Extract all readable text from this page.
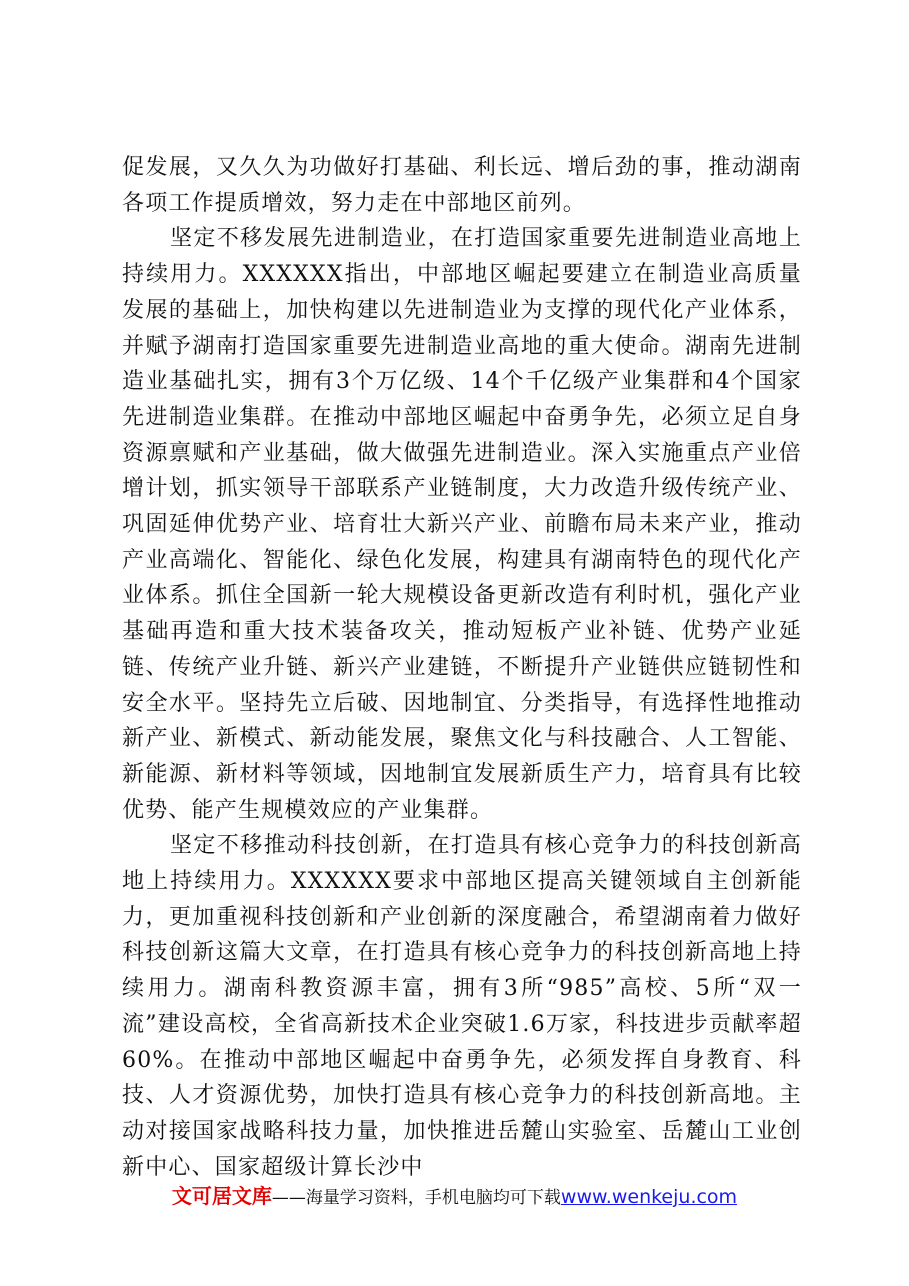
促发展，又久久为功做好打基础、利长远、增后劲的事，推动湖南各项工作提质增效，努力走在中部地区前列。

坚定不移发展先进制造业，在打造国家重要先进制造业高地上持续用力。XXXXXX指出，中部地区崛起要建立在制造业高质量发展的基础上，加快构建以先进制造业为支撑的现代化产业体系，并赋予湖南打造国家重要先进制造业高地的重大使命。湖南先进制造业基础扎实，拥有3个万亿级、14个千亿级产业集群和4个国家先进制造业集群。在推动中部地区崛起中奋勇争先，必须立足自身资源禀赋和产业基础，做大做强先进制造业。深入实施重点产业倍增计划，抓实领导干部联系产业链制度，大力改造升级传统产业、巩固延伸优势产业、培育壮大新兴产业、前瞻布局未来产业，推动产业高端化、智能化、绿色化发展，构建具有湖南特色的现代化产业体系。抓住全国新一轮大规模设备更新改造有利时机，强化产业基础再造和重大技术装备攻关，推动短板产业补链、优势产业延链、传统产业升链、新兴产业建链，不断提升产业链供应链韧性和安全水平。坚持先立后破、因地制宜、分类指导，有选择性地推动新产业、新模式、新动能发展，聚焦文化与科技融合、人工智能、新能源、新材料等领域，因地制宜发展新质生产力，培育具有比较优势、能产生规模效应的产业集群。

坚定不移推动科技创新，在打造具有核心竞争力的科技创新高地上持续用力。XXXXXX要求中部地区提高关键领域自主创新能力，更加重视科技创新和产业创新的深度融合，希望湖南着力做好科技创新这篇大文章，在打造具有核心竞争力的科技创新高地上持续用力。湖南科教资源丰富，拥有3所“985”高校、5所“双一流”建设高校，全省高新技术企业突破1.6万家，科技进步贡献率超60%。在推动中部地区崛起中奋勇争先，必须发挥自身教育、科技、人才资源优势，加快打造具有核心竞争力的科技创新高地。主动对接国家战略科技力量，加快推进岳麓山实验室、岳麓山工业创新中心、国家超级计算长沙中

文可居文库——海量学习资料，手机电脑均可下载www.wenkeju.com
